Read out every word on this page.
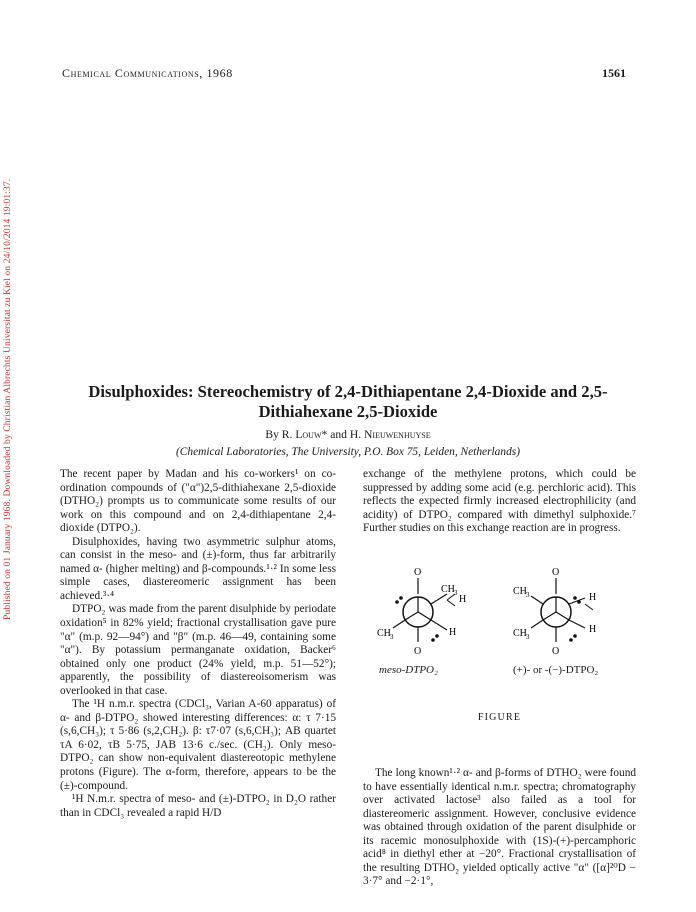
Published on 01 January 1968. Downloaded by Christian Albrechts Universitat zu Kiel on 24/10/2014 19:01:37.
Chemical Communications, 1968	1561
Disulphoxides: Stereochemistry of 2,4-Dithiapentane 2,4-Dioxide and 2,5-Dithiahexane 2,5-Dioxide
By R. Louw* and H. Nieuwenhuyse
(Chemical Laboratories, The University, P.O. Box 75, Leiden, Netherlands)

The recent paper by Madan and his co-workers¹ on co-ordination compounds of ("α")2,5-dithiahexane 2,5-dioxide (DTHO₂) prompts us to communicate some results of our work on this compound and on 2,4-dithiapentane 2,4-dioxide (DTPO₂).

Disulphoxides, having two asymmetric sulphur atoms, can consist in the meso- and (±)-form, thus far arbitrarily named α- (higher melting) and β-compounds.¹·² In some less simple cases, diastereomeric assignment has been achieved.³·⁴

DTPO₂ was made from the parent disulphide by periodate oxidation⁵ in 82% yield; fractional crystallisation gave pure "α" (m.p. 92—94°) and "β" (m.p. 46—49, containing some "α"). By potassium permanganate oxidation, Backer⁶ obtained only one product (24% yield, m.p. 51—52°); apparently, the possibility of diastereoisomerism was overlooked in that case.

The ¹H n.m.r. spectra (CDCl₃, Varian A-60 apparatus) of α- and β-DTPO₂ showed interesting differences: α: τ 7·15 (s,6,CH₃); τ 5·86 (s,2,CH₂). β: τ7·07 (s,6,CH₃); AB quartet τA 6·02, τB 5·75, JAB 13·6 c./sec. (CH₂). Only meso-DTPO₂ can show non-equivalent diastereotopic methylene protons (Figure). The α-form, therefore, appears to be the (±)-compound.

¹H N.m.r. spectra of meso- and (±)-DTPO₂ in D₂O rather than in CDCl₃ revealed a rapid H/D

exchange of the methylene protons, which could be suppressed by adding some acid (e.g. perchloric acid). This reflects the expected firmly increased electrophilicity (and acidity) of DTPO₂ compared with dimethyl sulphoxide.⁷ Further studies on this exchange reaction are in progress.

O
O
CH 3
H
CH 3	H
O
O
CH 3
CH 3
H
H
meso-DTPO₂	(+)- or -(−)-DTPO₂
FIGURE

The long known¹·² α- and β-forms of DTHO₂ were found to have essentially identical n.m.r. spectra; chromatography over activated lactose³ also failed as a tool for diastereomeric assignment. However, conclusive evidence was obtained through oxidation of the parent disulphide or its racemic monosulphoxide with (1S)-(+)-percamphoric acid⁸ in diethyl ether at −20°. Fractional crystallisation of the resulting DTHO₂ yielded optically active "α" ([α]²⁰D − 3·7° and −2·1°,
